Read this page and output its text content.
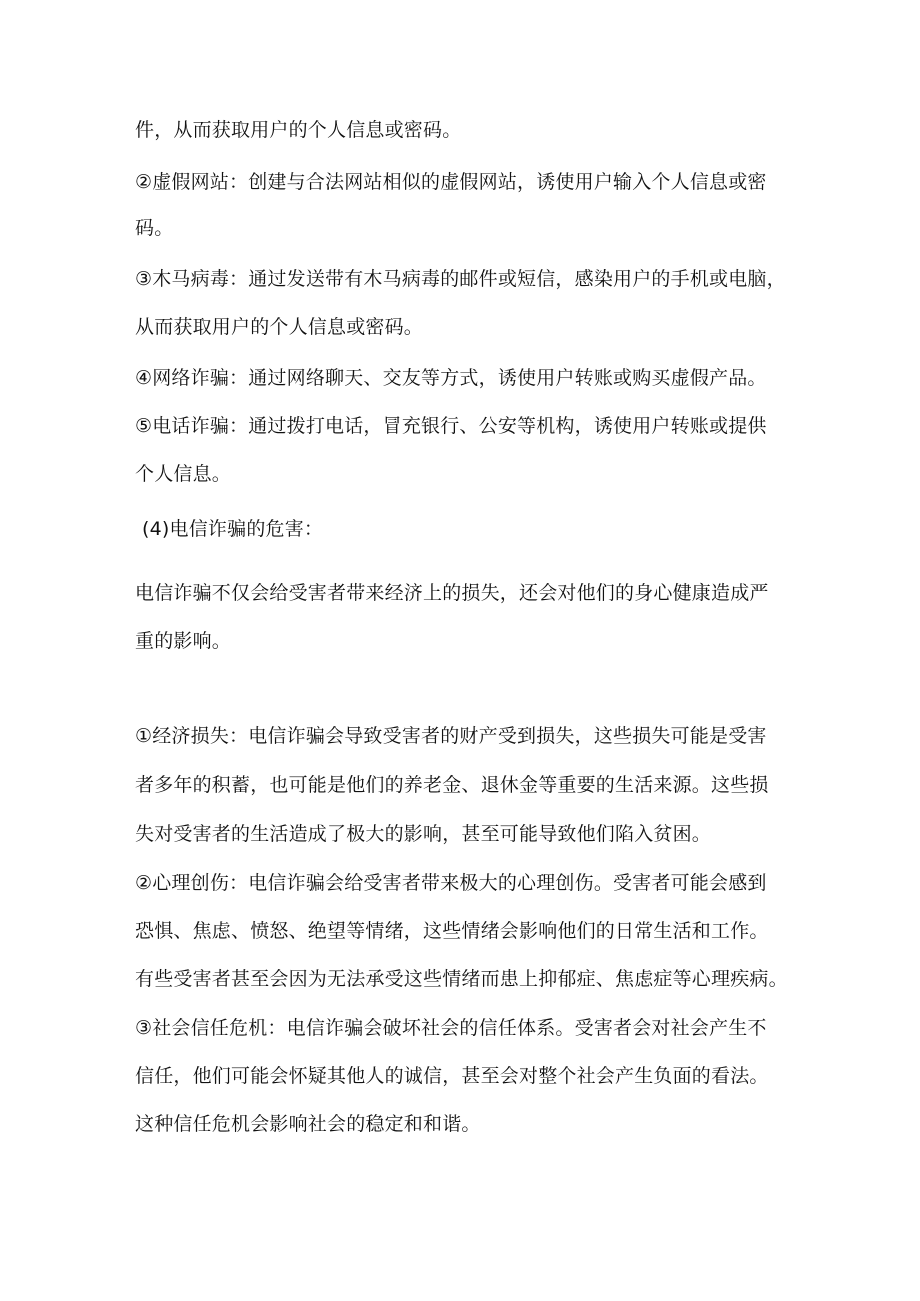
件，从而获取用户的个人信息或密码。
②虚假网站：创建与合法网站相似的虚假网站，诱使用户输入个人信息或密
码。
③木马病毒：通过发送带有木马病毒的邮件或短信，感染用户的手机或电脑，
从而获取用户的个人信息或密码。
④网络诈骗：通过网络聊天、交友等方式，诱使用户转账或购买虚假产品。
⑤电话诈骗：通过拨打电话，冒充银行、公安等机构，诱使用户转账或提供
个人信息。
(4)电信诈骗的危害：
电信诈骗不仅会给受害者带来经济上的损失，还会对他们的身心健康造成严
重的影响。
①经济损失：电信诈骗会导致受害者的财产受到损失，这些损失可能是受害
者多年的积蓄，也可能是他们的养老金、退休金等重要的生活来源。这些损
失对受害者的生活造成了极大的影响，甚至可能导致他们陷入贫困。
②心理创伤：电信诈骗会给受害者带来极大的心理创伤。受害者可能会感到
恐惧、焦虑、愤怒、绝望等情绪，这些情绪会影响他们的日常生活和工作。
有些受害者甚至会因为无法承受这些情绪而患上抑郁症、焦虑症等心理疾病。
③社会信任危机：电信诈骗会破坏社会的信任体系。受害者会对社会产生不
信任，他们可能会怀疑其他人的诚信，甚至会对整个社会产生负面的看法。
这种信任危机会影响社会的稳定和和谐。
